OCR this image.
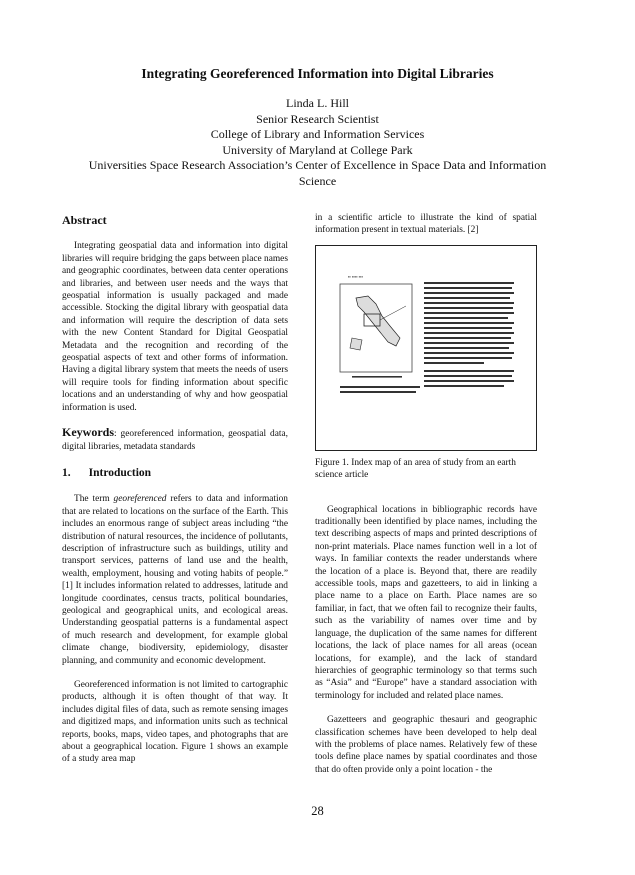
Integrating Georeferenced Information into Digital Libraries
Linda L. Hill
Senior Research Scientist
College of Library and Information Services
University of Maryland at College Park
Universities Space Research Association’s Center of Excellence in Space Data and Information
Science
Abstract

Integrating geospatial data and information into digital libraries will require bridging the gaps between place names and geographic coordinates, between data center operations and libraries, and between user needs and the ways that geospatial information is usually packaged and made accessible. Stocking the digital library with geospatial data and information will require the description of data sets with the new Content Standard for Digital Geospatial Metadata and the recognition and recording of the geospatial aspects of text and other forms of information. Having a digital library system that meets the needs of users will require tools for finding information about specific locations and an understanding of why and how geospatial information is used.

Keywords: georeferenced information, geospatial data, digital libraries, metadata standards

1. Introduction

The term georeferenced refers to data and information that are related to locations on the surface of the Earth. This includes an enormous range of subject areas including “the distribution of natural resources, the incidence of pollutants, description of infrastructure such as buildings, utility and transport services, patterns of land use and the health, wealth, employment, housing and voting habits of people.” [1] It includes information related to addresses, latitude and longitude coordinates, census tracts, political boundaries, geological and geographical units, and ecological areas. Understanding geospatial patterns is a fundamental aspect of much research and development, for example global climate change, biodiversity, epidemiology, disaster planning, and community and economic development.

Georeferenced information is not limited to cartographic products, although it is often thought of that way. It includes digital files of data, such as remote sensing images and digitized maps, and information units such as technical reports, books, maps, video tapes, and photographs that are about a geographical location. Figure 1 shows an example of a study area map

in a scientific article to illustrate the kind of spatial information present in textual materials. [2]

▪▪ ▪▪▪▪ ▪▪▪

Figure 1. Index map of an area of study from an earth science article

Geographical locations in bibliographic records have traditionally been identified by place names, including the text describing aspects of maps and printed descriptions of non-print materials. Place names function well in a lot of ways. In familiar contexts the reader understands where the location of a place is. Beyond that, there are readily accessible tools, maps and gazetteers, to aid in linking a place name to a place on Earth. Place names are so familiar, in fact, that we often fail to recognize their faults, such as the variability of names over time and by language, the duplication of the same names for different locations, the lack of place names for all areas (ocean locations, for example), and the lack of standard hierarchies of geographic terminology so that terms such as “Asia” and “Europe” have a standard association with terminology for included and related place names.

Gazetteers and geographic thesauri and geographic classification schemes have been developed to help deal with the problems of place names. Relatively few of these tools define place names by spatial coordinates and those that do often provide only a point location - the

28
